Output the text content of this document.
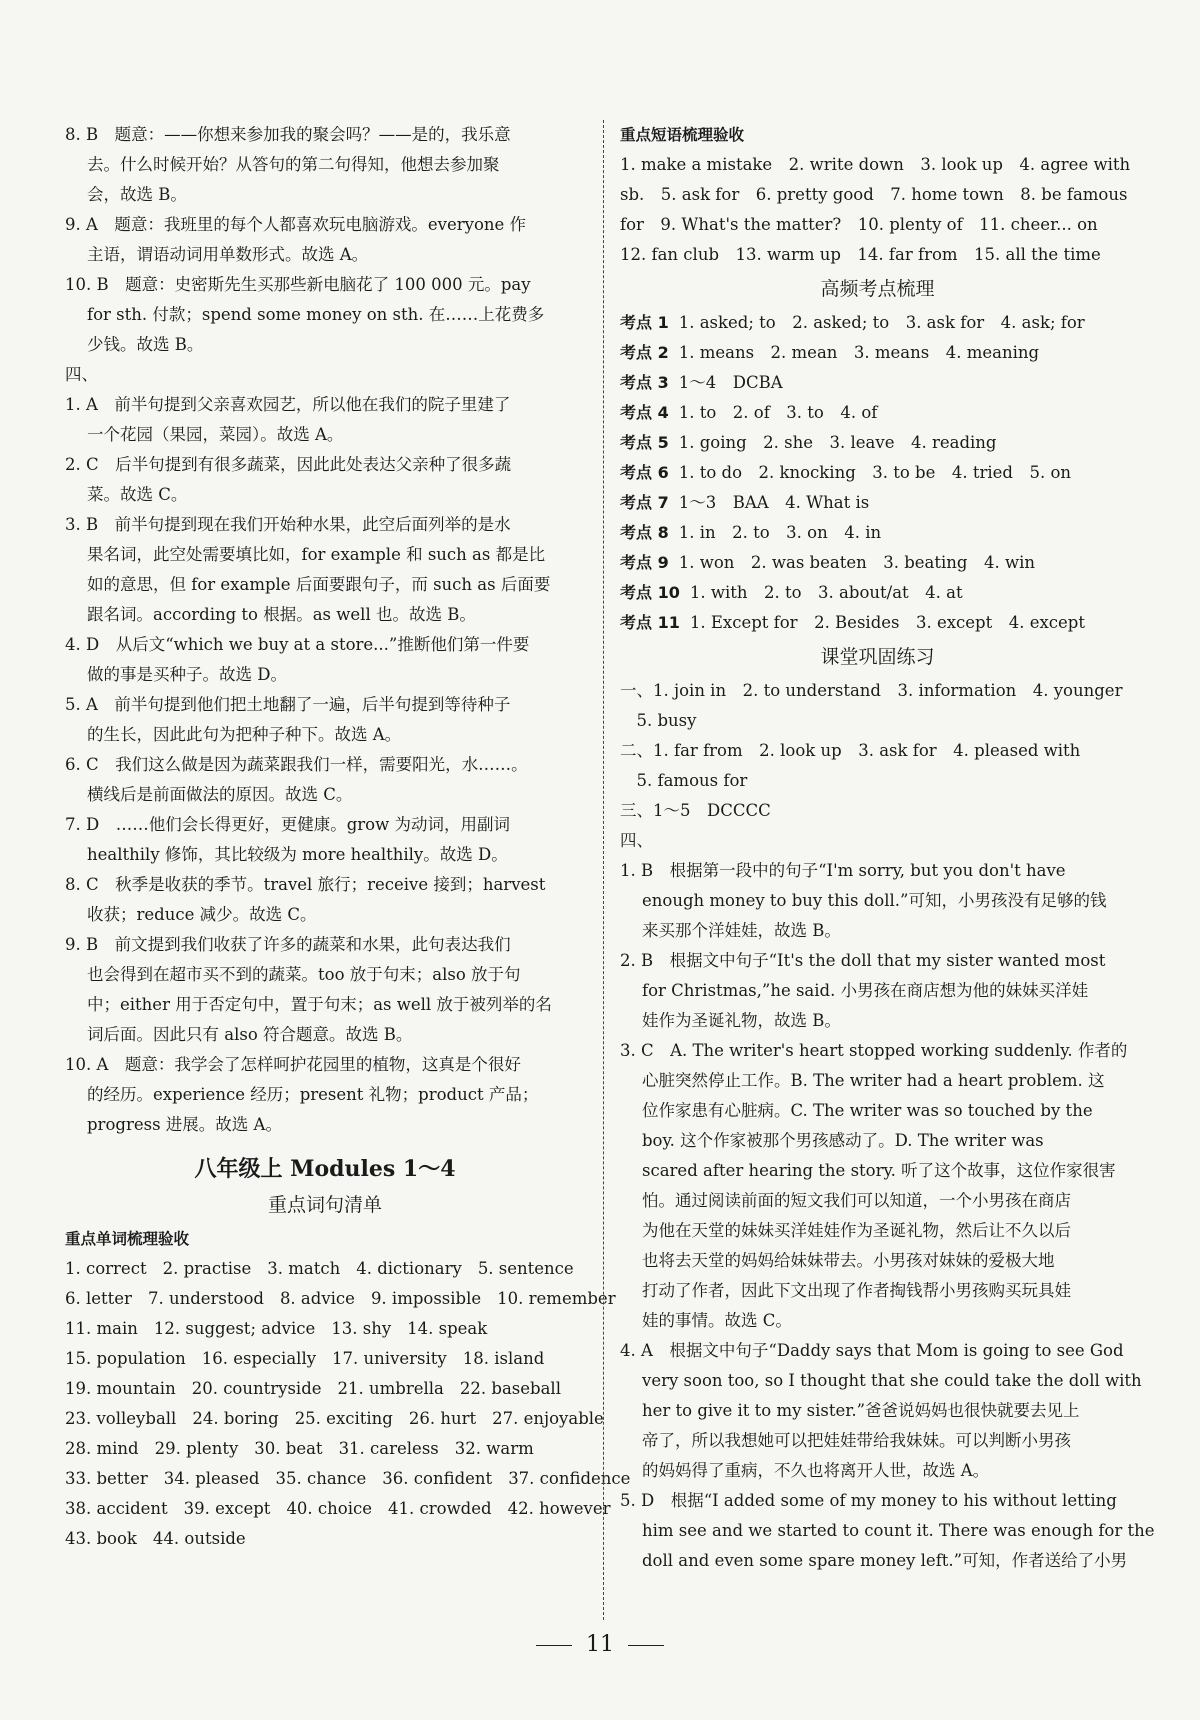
8. B　题意：——你想来参加我的聚会吗？——是的，我乐意
去。什么时候开始？从答句的第二句得知，他想去参加聚
会，故选 B。
9. A　题意：我班里的每个人都喜欢玩电脑游戏。everyone 作
主语，谓语动词用单数形式。故选 A。
10. B　题意：史密斯先生买那些新电脑花了 100 000 元。pay
for sth. 付款；spend some money on sth. 在……上花费多
少钱。故选 B。
四、
1. A　前半句提到父亲喜欢园艺，所以他在我们的院子里建了
一个花园（果园，菜园）。故选 A。
2. C　后半句提到有很多蔬菜，因此此处表达父亲种了很多蔬
菜。故选 C。
3. B　前半句提到现在我们开始种水果，此空后面列举的是水
果名词，此空处需要填比如，for example 和 such as 都是比
如的意思，但 for example 后面要跟句子，而 such as 后面要
跟名词。according to 根据。as well 也。故选 B。
4. D　从后文“which we buy at a store...”推断他们第一件要
做的事是买种子。故选 D。
5. A　前半句提到他们把土地翻了一遍，后半句提到等待种子
的生长，因此此句为把种子种下。故选 A。
6. C　我们这么做是因为蔬菜跟我们一样，需要阳光，水……。
横线后是前面做法的原因。故选 C。
7. D　……他们会长得更好，更健康。grow 为动词，用副词
healthily 修饰，其比较级为 more healthily。故选 D。
8. C　秋季是收获的季节。travel 旅行；receive 接到；harvest
收获；reduce 减少。故选 C。
9. B　前文提到我们收获了许多的蔬菜和水果，此句表达我们
也会得到在超市买不到的蔬菜。too 放于句末；also 放于句
中；either 用于否定句中，置于句末；as well 放于被列举的名
词后面。因此只有 also 符合题意。故选 B。
10. A　题意：我学会了怎样呵护花园里的植物，这真是个很好
的经历。experience 经历；present 礼物；product 产品；
progress 进展。故选 A。
八年级上 Modules 1～4
重点词句清单
重点单词梳理验收
1. correct 2. practise 3. match 4. dictionary 5. sentence
6. letter 7. understood 8. advice 9. impossible 10. remember
11. main 12. suggest; advice 13. shy 14. speak
15. population 16. especially 17. university 18. island
19. mountain 20. countryside 21. umbrella 22. baseball
23. volleyball 24. boring 25. exciting 26. hurt 27. enjoyable
28. mind 29. plenty 30. beat 31. careless 32. warm
33. better 34. pleased 35. chance 36. confident 37. confidence
38. accident 39. except 40. choice 41. crowded 42. however
43. book 44. outside
重点短语梳理验收
1. make a mistake　2. write down　3. look up　4. agree with
sb.　5. ask for　6. pretty good　7. home town　8. be famous
for　9. What's the matter?　10. plenty of　11. cheer... on
12. fan club　13. warm up　14. far from　15. all the time
高频考点梳理
考点 1 1. asked; to　2. asked; to　3. ask for　4. ask; for
考点 2 1. means　2. mean　3. means　4. meaning
考点 3 1～4　DCBA
考点 4 1. to　2. of　3. to　4. of
考点 5 1. going　2. she　3. leave　4. reading
考点 6 1. to do　2. knocking　3. to be　4. tried　5. on
考点 7 1～3　BAA　4. What is
考点 8 1. in　2. to　3. on　4. in
考点 9 1. won　2. was beaten　3. beating　4. win
考点 10 1. with　2. to　3. about/at　4. at
考点 11 1. Except for　2. Besides　3. except　4. except
课堂巩固练习
一、1. join in　2. to understand　3. information　4. younger
　5. busy
二、1. far from　2. look up　3. ask for　4. pleased with
　5. famous for
三、1～5　DCCCC
四、
1. B　根据第一段中的句子“I'm sorry, but you don't have
enough money to buy this doll.”可知，小男孩没有足够的钱
来买那个洋娃娃，故选 B。
2. B　根据文中句子“It's the doll that my sister wanted most
for Christmas,”he said. 小男孩在商店想为他的妹妹买洋娃
娃作为圣诞礼物，故选 B。
3. C　A. The writer's heart stopped working suddenly. 作者的
心脏突然停止工作。B. The writer had a heart problem. 这
位作家患有心脏病。C. The writer was so touched by the
boy. 这个作家被那个男孩感动了。D. The writer was
scared after hearing the story. 听了这个故事，这位作家很害
怕。通过阅读前面的短文我们可以知道，一个小男孩在商店
为他在天堂的妹妹买洋娃娃作为圣诞礼物，然后让不久以后
也将去天堂的妈妈给妹妹带去。小男孩对妹妹的爱极大地
打动了作者，因此下文出现了作者掏钱帮小男孩购买玩具娃
娃的事情。故选 C。
4. A　根据文中句子“Daddy says that Mom is going to see God
very soon too, so I thought that she could take the doll with
her to give it to my sister.”爸爸说妈妈也很快就要去见上
帝了，所以我想她可以把娃娃带给我妹妹。可以判断小男孩
的妈妈得了重病，不久也将离开人世，故选 A。
5. D　根据“I added some of my money to his without letting
him see and we started to count it. There was enough for the
doll and even some spare money left.”可知，作者送给了小男
11
